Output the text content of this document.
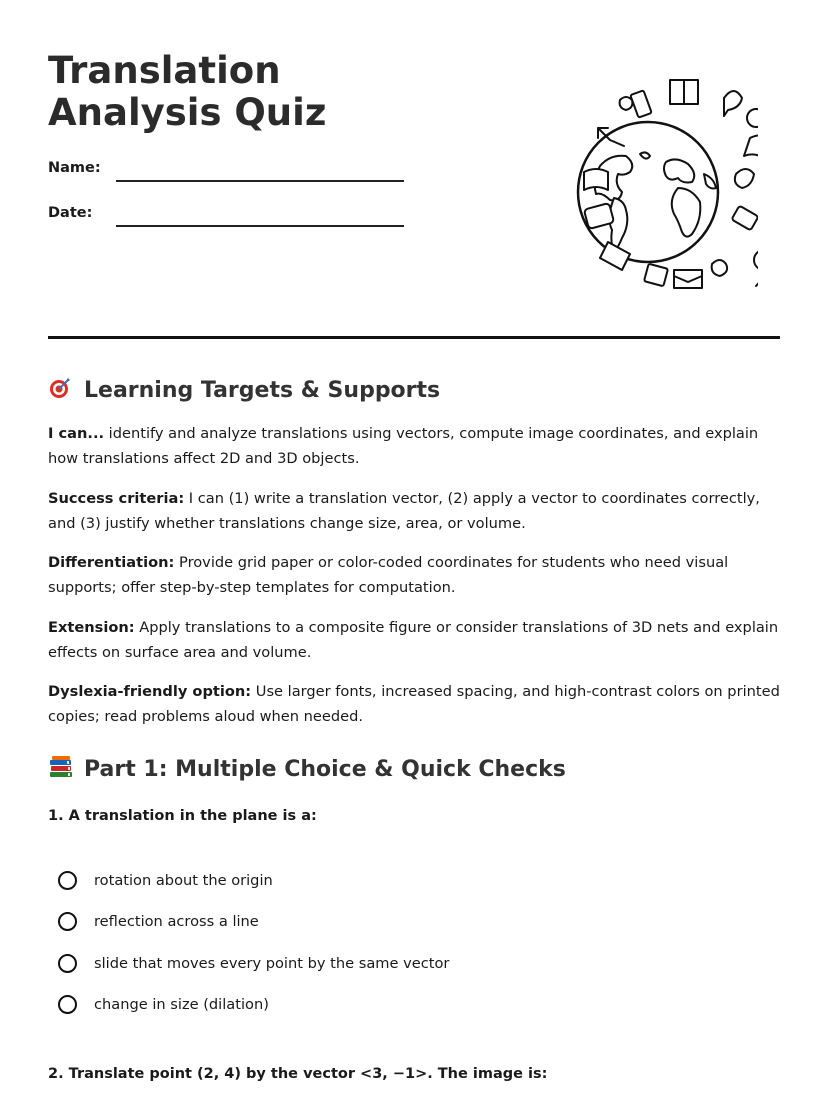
Translation Analysis Quiz
Name:
Date:
Learning Targets & Supports

I can... identify and analyze translations using vectors, compute image coordinates, and explain how translations affect 2D and 3D objects.

Success criteria: I can (1) write a translation vector, (2) apply a vector to coordinates correctly, and (3) justify whether translations change size, area, or volume.

Differentiation: Provide grid paper or color-coded coordinates for students who need visual supports; offer step-by-step templates for computation.

Extension: Apply translations to a composite figure or consider translations of 3D nets and explain effects on surface area and volume.

Dyslexia-friendly option: Use larger fonts, increased spacing, and high-contrast colors on printed copies; read problems aloud when needed.

Part 1: Multiple Choice & Quick Checks

1. A translation in the plane is a:

rotation about the origin
reflection across a line
slide that moves every point by the same vector
change in size (dilation)

2. Translate point (2, 4) by the vector <3, −1>. The image is:
